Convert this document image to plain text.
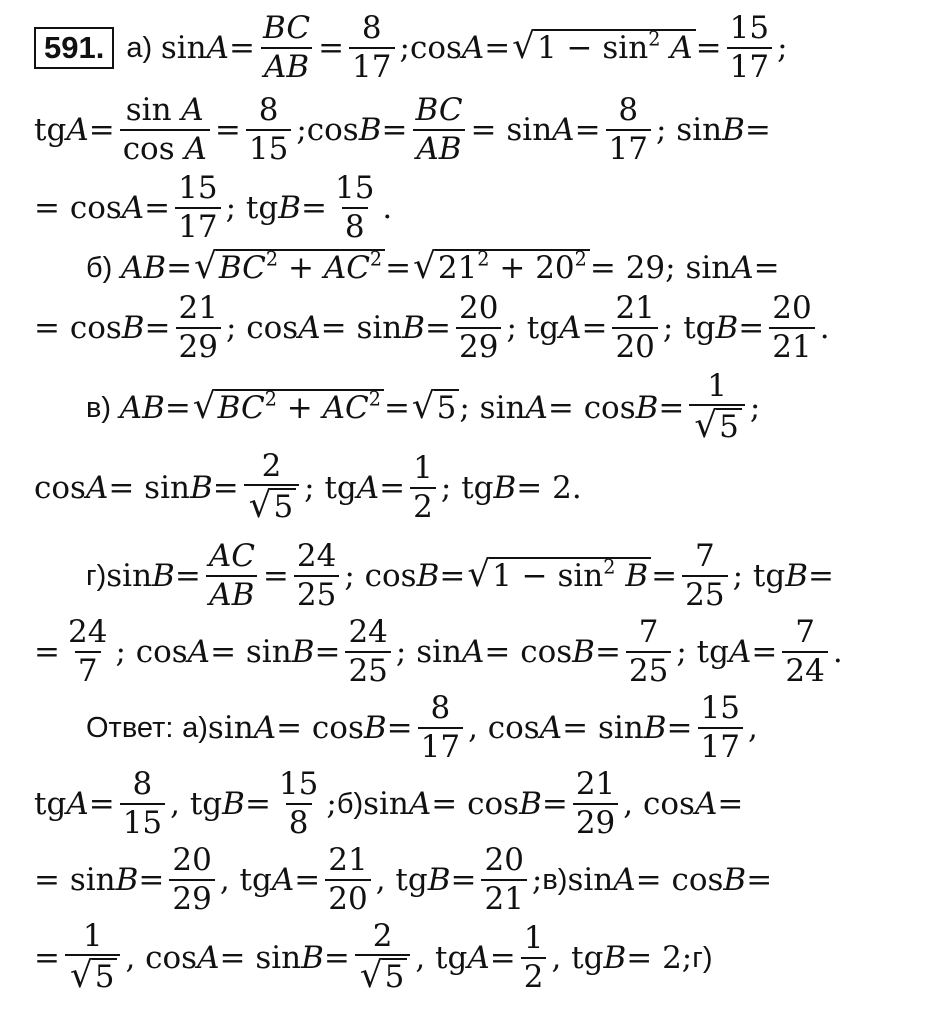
591. а) $\sin A = \frac{BC}{AB} = \frac{8}{17}$ ; cos A = √ $1 - \sin^2 A = \frac{15}{17}$ ;
tg $A = \frac{\text{sin A}}{\text{cos A}} = \frac{8}{15}$ ; $\cos B = \frac{BC}{AB} = \sin A = \frac{8}{17}$ ; sin B =
= $\cos A = \frac{15}{17}$ ; tg $B = \frac{15}{8}$ .
б) AB = √ $BC^2 + AC^2$ = √ $21^2 + 20^2 = 29$; sin A =
= $\cos B = \frac{21}{29}$ ; $\cos A = \sin B = \frac{20}{29}$ ; tg $A = \frac{21}{20}$ ; tg $B = \frac{20}{21}$ .
в) AB = √ $BC^2 + AC^2$ = √ 5 ; $\sin A = \cos B = \frac{1}{√ 5}$ ;
$\cos A = \sin B = \frac{2}{√ 5}$ ; tg $A = \frac{1}{2}$ ; tg B = 2.
г) $\sin B = \frac{AC}{AB} = \frac{24}{25}$ ; cos B = √ $1 - \sin^2 B = \frac{7}{25}$ ; tg B =
= $\frac{24}{7}$ ; $\cos A = \sin B = \frac{24}{25}$ ; $\sin A = \cos B = \frac{7}{25}$ ; tg $A = \frac{7}{24}$ .
Ответ: а) $\sin A = \cos B = \frac{8}{17}$ , $\cos A = \sin B = \frac{15}{17}$ ,
tg $A = \frac{8}{15}$ , tg $B = \frac{15}{8}$ ; б) $\sin A = \cos B = \frac{21}{29}$ , cos A =
= $\sin B = \frac{20}{29}$ , tg $A = \frac{21}{20}$ , tg $B = \frac{20}{21}$ ; в) sin A = cos B =
= $\frac{1}{√ 5}$ , $\cos A = \sin B = \frac{2}{√ 5}$ , tg $A = \frac{1}{2}$ , tg B = 2; г)
